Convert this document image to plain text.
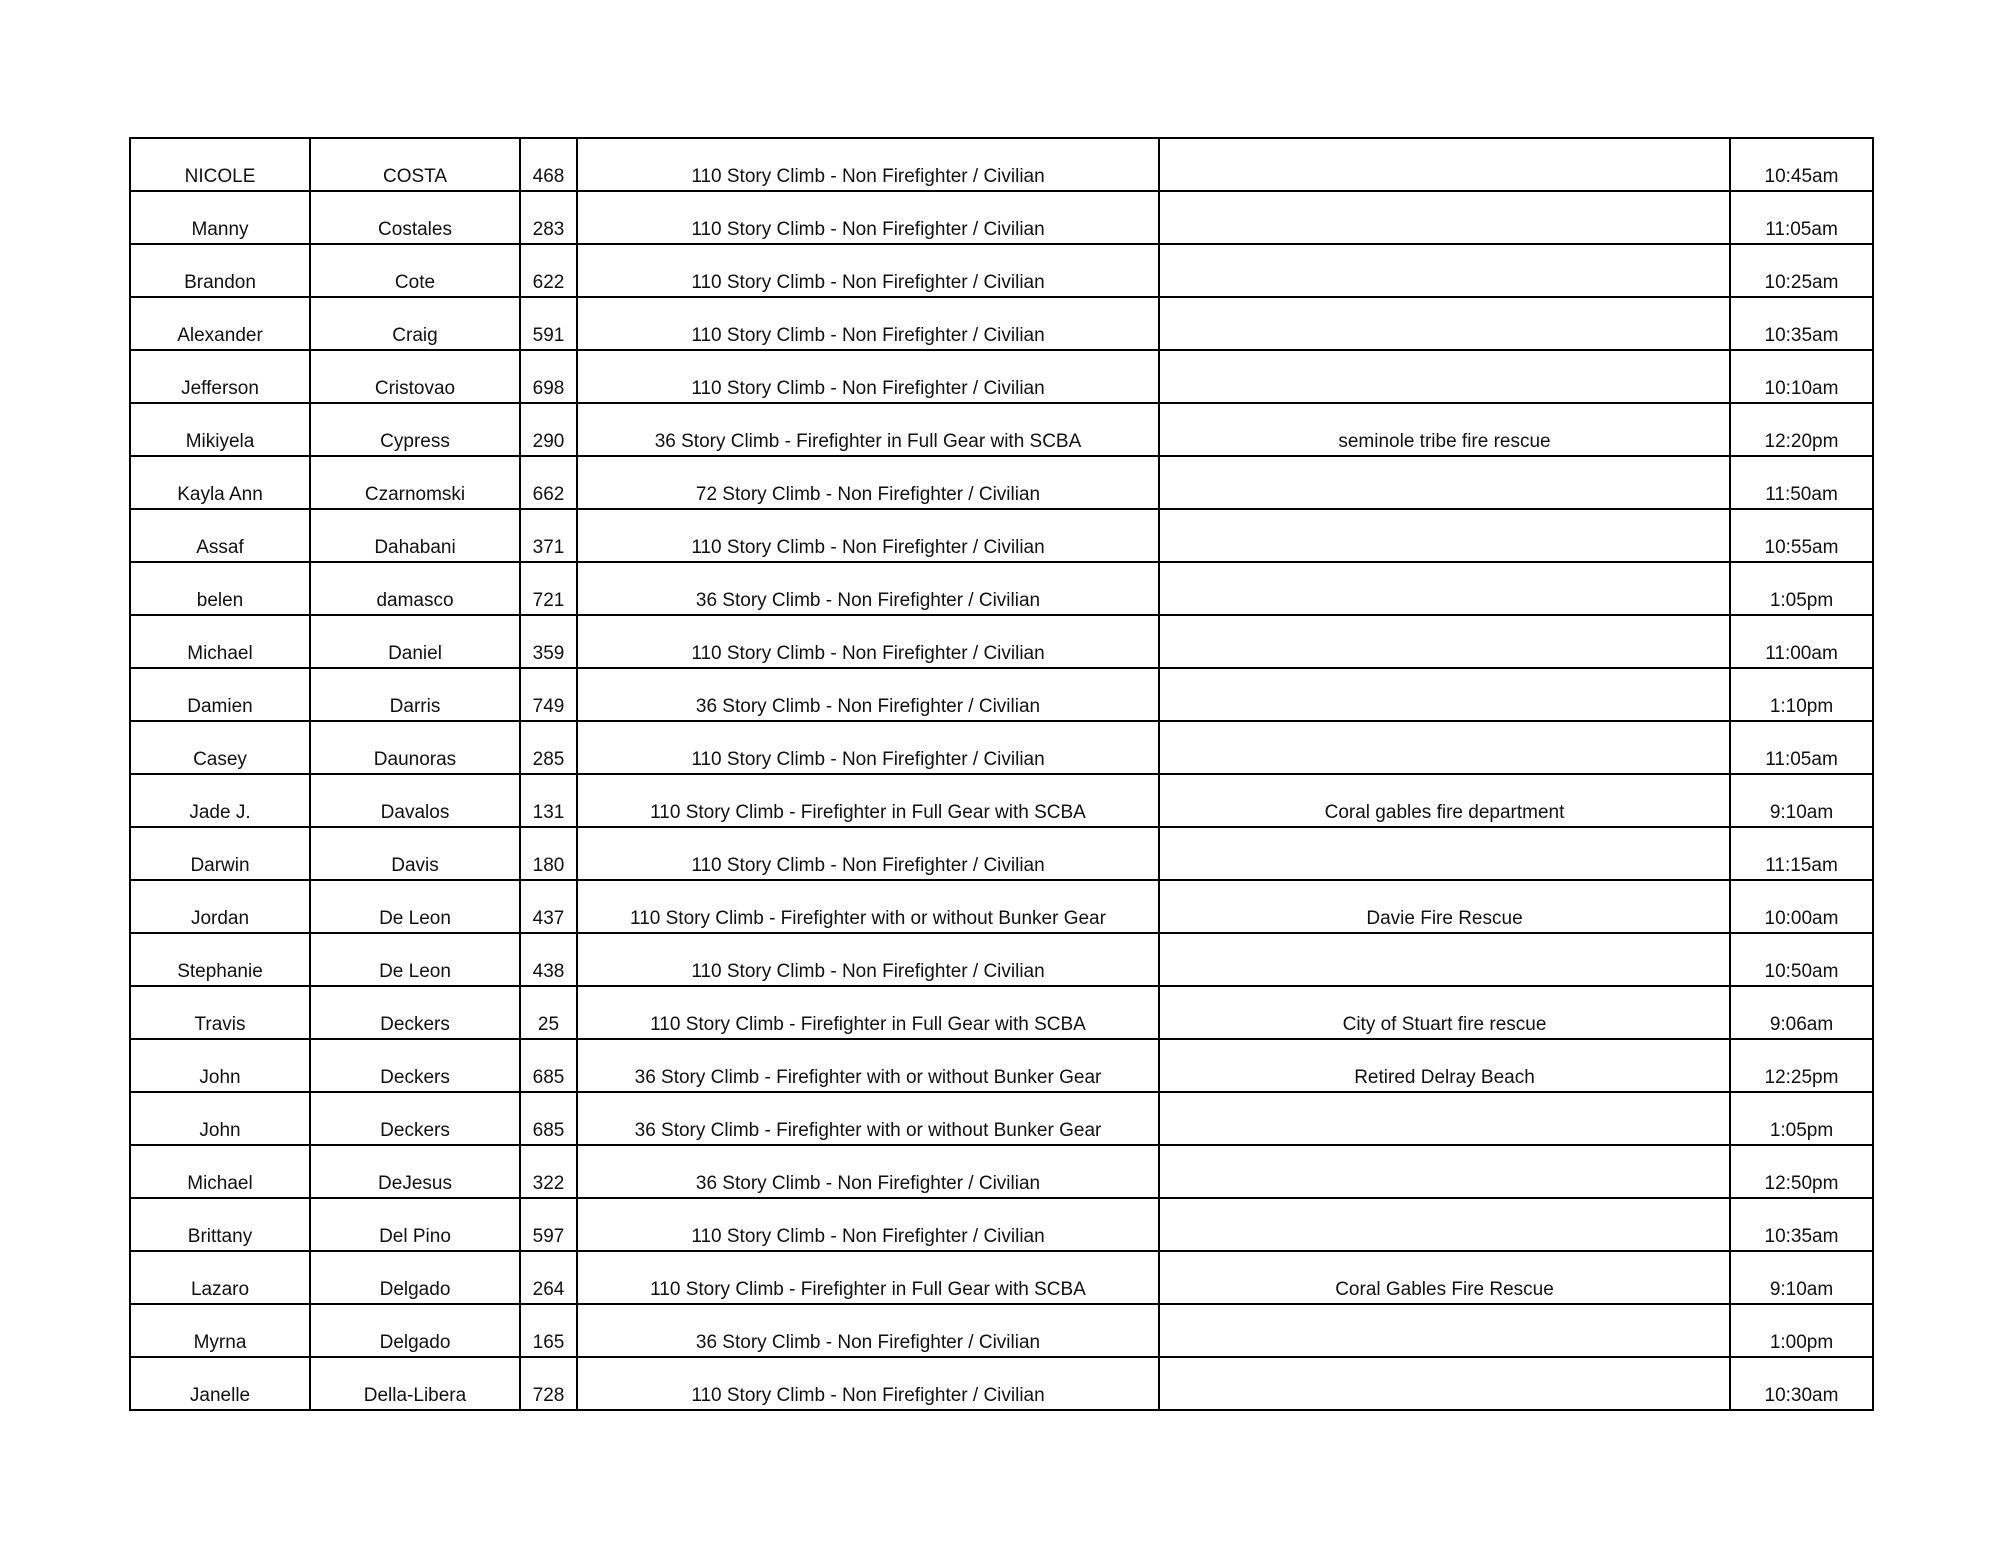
NICOLE	COSTA	468	110 Story Climb - Non Firefighter / Civilian		10:45am
Manny	Costales	283	110 Story Climb - Non Firefighter / Civilian		11:05am
Brandon	Cote	622	110 Story Climb - Non Firefighter / Civilian		10:25am
Alexander	Craig	591	110 Story Climb - Non Firefighter / Civilian		10:35am
Jefferson	Cristovao	698	110 Story Climb - Non Firefighter / Civilian		10:10am
Mikiyela	Cypress	290	36 Story Climb - Firefighter in Full Gear with SCBA	seminole tribe fire rescue	12:20pm
Kayla Ann	Czarnomski	662	72 Story Climb - Non Firefighter / Civilian		11:50am
Assaf	Dahabani	371	110 Story Climb - Non Firefighter / Civilian		10:55am
belen	damasco	721	36 Story Climb - Non Firefighter / Civilian		1:05pm
Michael	Daniel	359	110 Story Climb - Non Firefighter / Civilian		11:00am
Damien	Darris	749	36 Story Climb - Non Firefighter / Civilian		1:10pm
Casey	Daunoras	285	110 Story Climb - Non Firefighter / Civilian		11:05am
Jade J.	Davalos	131	110 Story Climb - Firefighter in Full Gear with SCBA	Coral gables fire department	9:10am
Darwin	Davis	180	110 Story Climb - Non Firefighter / Civilian		11:15am
Jordan	De Leon	437	110 Story Climb - Firefighter with or without Bunker Gear	Davie Fire Rescue	10:00am
Stephanie	De Leon	438	110 Story Climb - Non Firefighter / Civilian		10:50am
Travis	Deckers	25	110 Story Climb - Firefighter in Full Gear with SCBA	City of Stuart fire rescue	9:06am
John	Deckers	685	36 Story Climb - Firefighter with or without Bunker Gear	Retired Delray Beach	12:25pm
John	Deckers	685	36 Story Climb - Firefighter with or without Bunker Gear		1:05pm
Michael	DeJesus	322	36 Story Climb - Non Firefighter / Civilian		12:50pm
Brittany	Del Pino	597	110 Story Climb - Non Firefighter / Civilian		10:35am
Lazaro	Delgado	264	110 Story Climb - Firefighter in Full Gear with SCBA	Coral Gables Fire Rescue	9:10am
Myrna	Delgado	165	36 Story Climb - Non Firefighter / Civilian		1:00pm
Janelle	Della-Libera	728	110 Story Climb - Non Firefighter / Civilian		10:30am
